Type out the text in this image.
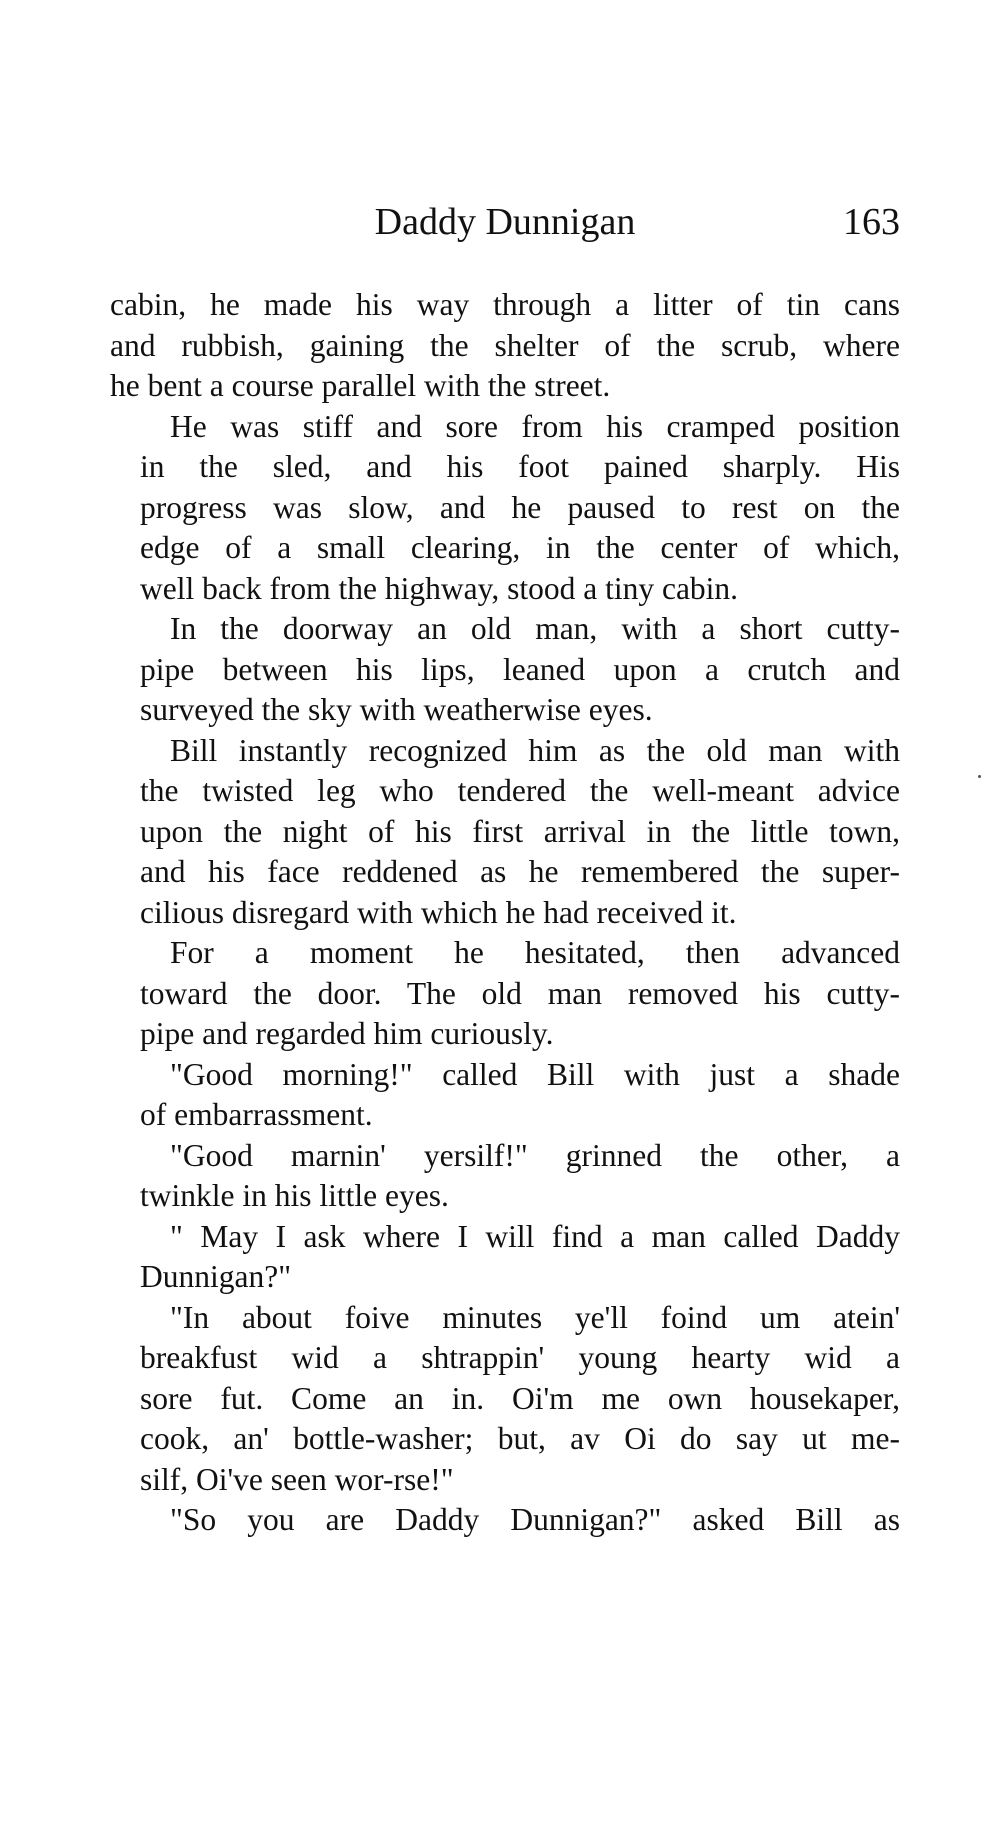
Daddy Dunnigan	163

cabin, he made his way through a litter of tin cans
and rubbish, gaining the shelter of the scrub, where
he bent a course parallel with the street.

He was stiff and sore from his cramped position
in the sled, and his foot pained sharply. His
progress was slow, and he paused to rest on the
edge of a small clearing, in the center of which,
well back from the highway, stood a tiny cabin.

In the doorway an old man, with a short cutty-
pipe between his lips, leaned upon a crutch and
surveyed the sky with weatherwise eyes.

Bill instantly recognized him as the old man with
the twisted leg who tendered the well-meant advice
upon the night of his first arrival in the little town,
and his face reddened as he remembered the super-
cilious disregard with which he had received it.

For a moment he hesitated, then advanced
toward the door. The old man removed his cutty-
pipe and regarded him curiously.

"Good morning!" called Bill with just a shade
of embarrassment.

"Good marnin' yersilf!" grinned the other, a
twinkle in his little eyes.

" May I ask where I will find a man called Daddy
Dunnigan?"

"In about foive minutes ye'll foind um atein'
breakfust wid a shtrappin' young hearty wid a
sore fut. Come an in. Oi'm me own housekaper,
cook, an' bottle-washer; but, av Oi do say ut me-
silf, Oi've seen wor-rse!"

"So you are Daddy Dunnigan?" asked Bill as
